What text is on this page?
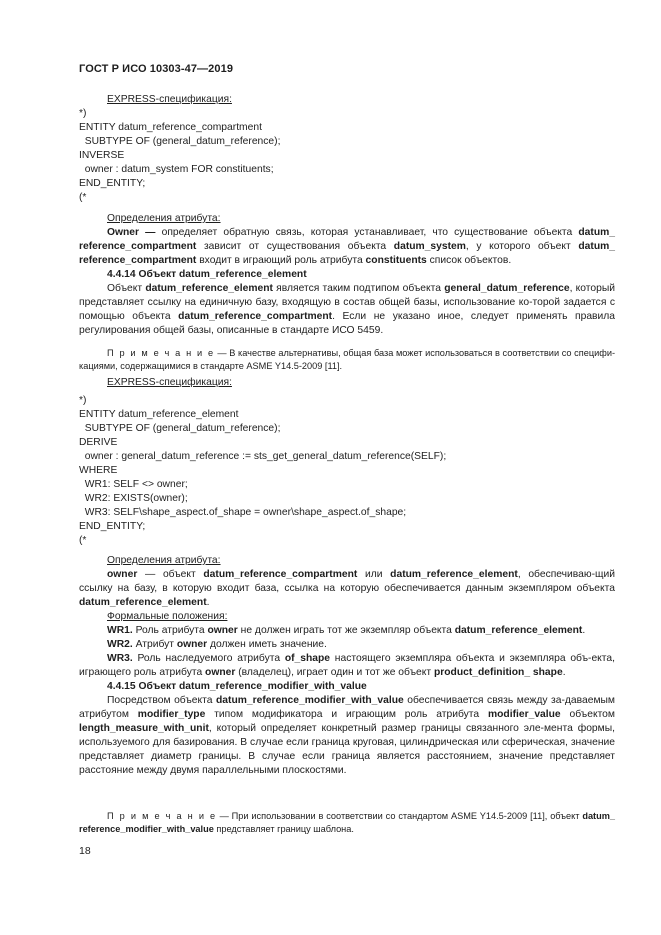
ГОСТ Р ИСО 10303-47—2019
EXPRESS-спецификация:
*)
ENTITY datum_reference_compartment
SUBTYPE OF (general_datum_reference);
INVERSE
owner : datum_system FOR constituents;
END_ENTITY;
(*
Определения атрибута:
Owner — определяет обратную связь, которая устанавливает, что существование объекта datum_ reference_compartment зависит от существования объекта datum_system, у которого объект datum_ reference_compartment входит в играющий роль атрибута constituents список объектов.
4.4.14 Объект datum_reference_element
Объект datum_reference_element является таким подтипом объекта general_datum_reference, который представляет ссылку на единичную базу, входящую в состав общей базы, использование ко-торой задается с помощью объекта datum_reference_compartment. Если не указано иное, следует применять правила регулирования общей базы, описанные в стандарте ИСО 5459.
П р и м е ч а н и е — В качестве альтернативы, общая база может использоваться в соответствии со специфи-кациями, содержащимися в стандарте ASME Y14.5-2009 [11].
EXPRESS-спецификация:
*)
ENTITY datum_reference_element
SUBTYPE OF (general_datum_reference);
DERIVE
owner : general_datum_reference := sts_get_general_datum_reference(SELF);
WHERE
WR1: SELF <> owner;
WR2: EXISTS(owner);
WR3: SELF\shape_aspect.of_shape = owner\shape_aspect.of_shape;
END_ENTITY;
(*
Определения атрибута:
owner — объект datum_reference_compartment или datum_reference_element, обеспечиваю-щий ссылку на базу, в которую входит база, ссылка на которую обеспечивается данным экземпляром объекта datum_reference_element.
Формальные положения:
WR1. Роль атрибута owner не должен играть тот же экземпляр объекта datum_reference_element.
WR2. Атрибут owner должен иметь значение.
WR3. Роль наследуемого атрибута of_shape настоящего экземпляра объекта и экземпляра объ-екта, играющего роль атрибута owner (владелец), играет один и тот же объект product_definition_ shape.
4.4.15 Объект datum_reference_modifier_with_value
Посредством объекта datum_reference_modifier_with_value обеспечивается связь между за-даваемым атрибутом modifier_type типом модификатора и играющим роль атрибута modifier_value объектом length_measure_with_unit, который определяет конкретный размер границы связанного эле-мента формы, используемого для базирования. В случае если граница круговая, цилиндрическая или сферическая, значение представляет диаметр границы. В случае если граница является расстоянием, значение представляет расстояние между двумя параллельными плоскостями.
П р и м е ч а н и е — При использовании в соответствии со стандартом ASME Y14.5-2009 [11], объект datum_ reference_modifier_with_value представляет границу шаблона.
18
